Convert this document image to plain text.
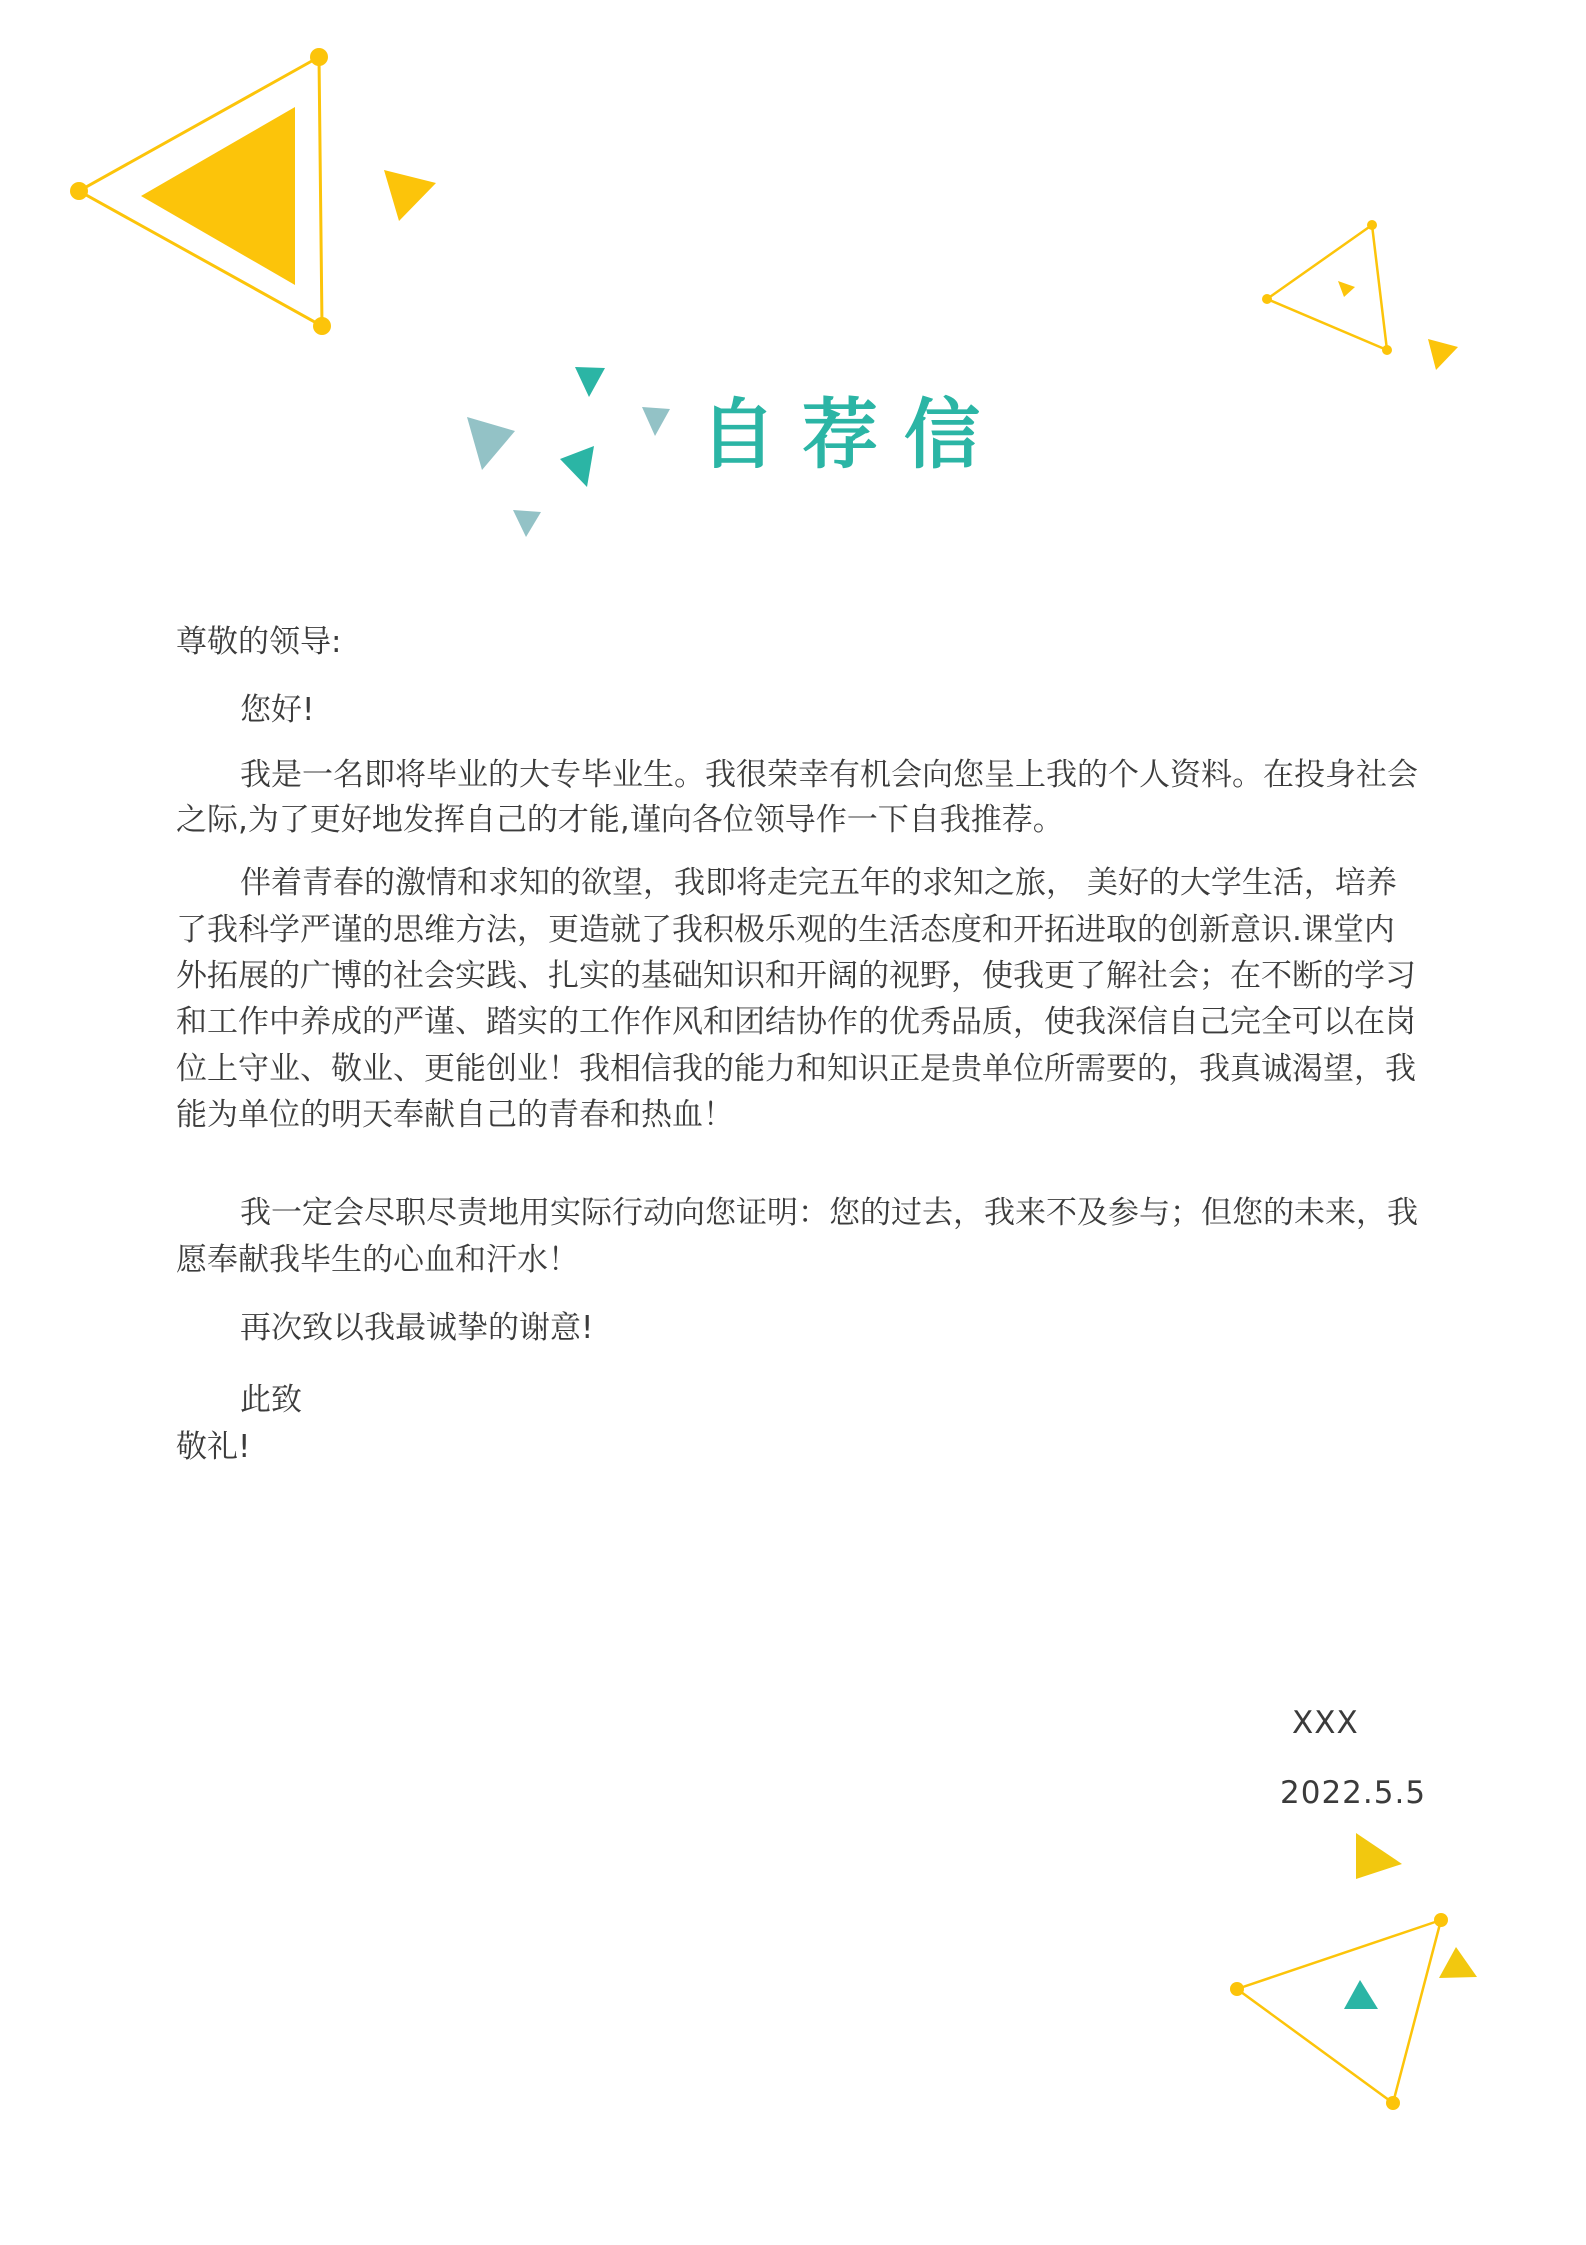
自荐信
尊敬的领导:
您好!
我是一名即将毕业的大专毕业生。我很荣幸有机会向您呈上我的个人资料。在投身社会
之际,为了更好地发挥自己的才能,谨向各位领导作一下自我推荐。
伴着青春的激情和求知的欲望，我即将走完五年的求知之旅， 美好的大学生活，培养
了我科学严谨的思维方法，更造就了我积极乐观的生活态度和开拓进取的创新意识.课堂内
外拓展的广博的社会实践、扎实的基础知识和开阔的视野，使我更了解社会；在不断的学习
和工作中养成的严谨、踏实的工作作风和团结协作的优秀品质，使我深信自己完全可以在岗
位上守业、敬业、更能创业！我相信我的能力和知识正是贵单位所需要的，我真诚渴望，我
能为单位的明天奉献自己的青春和热血！
我一定会尽职尽责地用实际行动向您证明：您的过去，我来不及参与；但您的未来，我
愿奉献我毕生的心血和汗水！
再次致以我最诚挚的谢意!
此致
敬礼!
XXX
2022.5.5
